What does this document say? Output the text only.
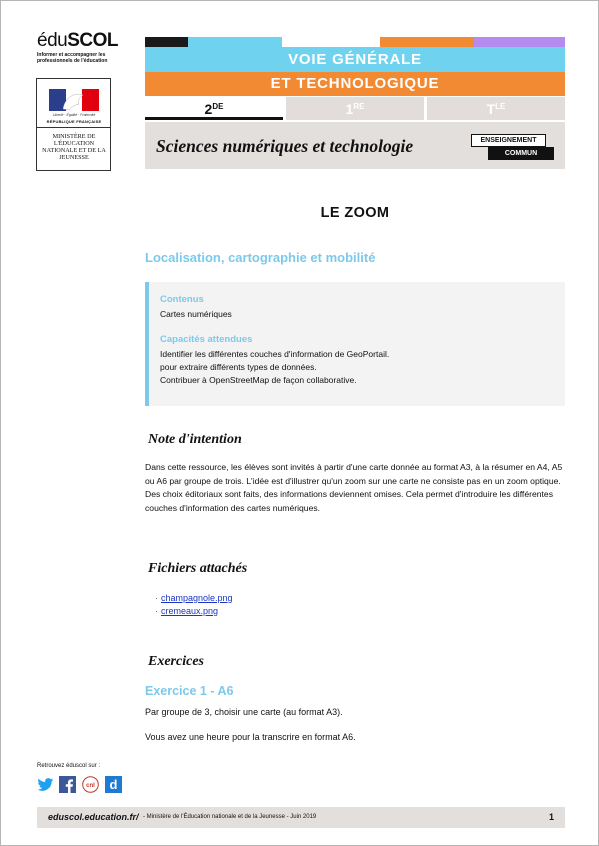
éduSCOL
Informer et accompagner les professionnels de l'éducation
Liberté · Égalité · Fraternité
RÉPUBLIQUE FRANÇAISE
MINISTÈRE DE L'ÉDUCATION NATIONALE ET DE LA JEUNESSE
VOIE GÉNÉRALE
ET TECHNOLOGIQUE
2DE	1RE	$T^{LE}$
Sciences numériques et technologie	ENSEIGNEMENT
COMMUN
LE ZOOM
Localisation, cartographie et mobilité
Contenus
Cartes numériques
Capacités attendues
Identifier les différentes couches d'information de GeoPortail.
pour extraire différents types de données.
Contribuer à OpenStreetMap de façon collaborative.
Note d'intention
Dans cette ressource, les élèves sont invités à partir d'une carte donnée au format A3, à la résumer en A4, A5 ou A6 par groupe de trois. L'idée est d'illustrer qu'un zoom sur une carte ne consiste pas en un zoom optique. Des choix éditoriaux sont faits, des informations deviennent omises. Cela permet d'introduire les différentes couches d'information des cartes numériques.
Fichiers attachés
· champagnole.png
· cremeaux.png
Exercices
Exercice 1 - A6
Par groupe de 3, choisir une carte (au format A3).
Vous avez une heure pour la transcrire en format A6.
Retrouvez éduscol sur :
cnl d
eduscol.education.fr/ - Ministère de l'Éducation nationale et de la Jeunesse - Juin 2019	1
